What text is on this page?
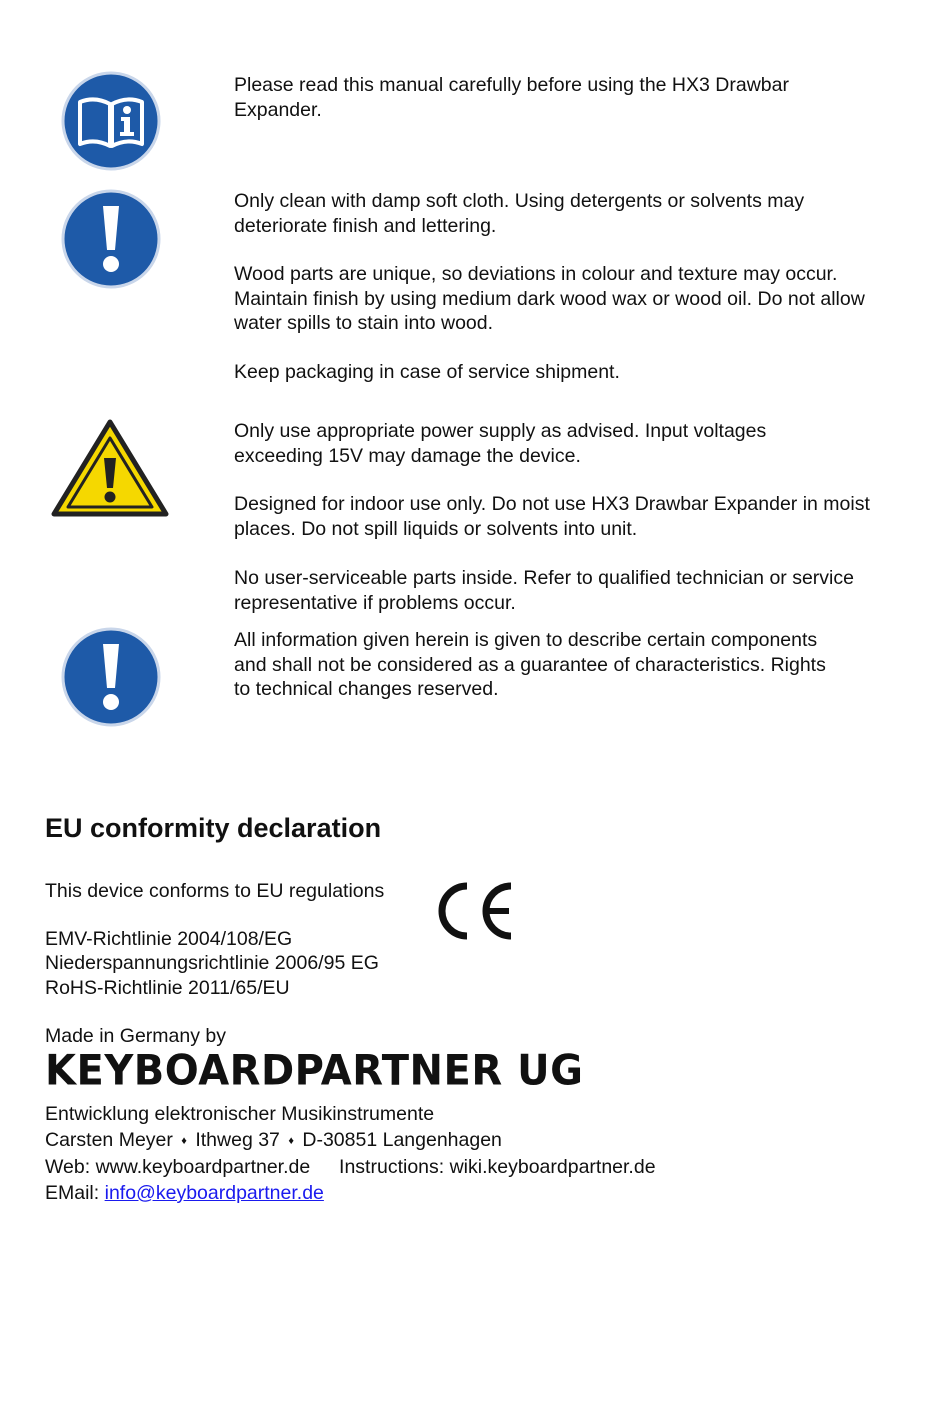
Please read this manual carefully before using the HX3 Drawbar Expander.

Only clean with damp soft cloth. Using detergents or solvents may deteriorate finish and lettering.

Wood parts are unique, so deviations in colour and texture may occur. Maintain finish by using medium dark wood wax or wood oil. Do not allow water spills to stain into wood.

Keep packaging in case of service shipment.

Only use appropriate power supply as advised. Input voltages exceeding 15V may damage the device.

Designed for indoor use only. Do not use HX3 Drawbar Expander in moist places. Do not spill liquids or solvents into unit.

No user-serviceable parts inside. Refer to qualified technician or service representative if problems occur.

All information given herein is given to describe certain components and shall not be considered as a guarantee of characteristics. Rights to technical changes reserved.

EU conformity declaration

This device conforms to EU regulations

EMV-Richtlinie 2004/108/EG

Niederspannungsrichtlinie 2006/95 EG

RoHS-Richtlinie 2011/65/EU

Made in Germany by

KEYBOARDPARTNER UG

Entwicklung elektronischer Musikinstrumente

Carsten Meyer ♦ Ithweg 37 ♦ D-30851 Langenhagen

Web: www.keyboardpartner.de Instructions: wiki.keyboardpartner.de

EMail: info@keyboardpartner.de
